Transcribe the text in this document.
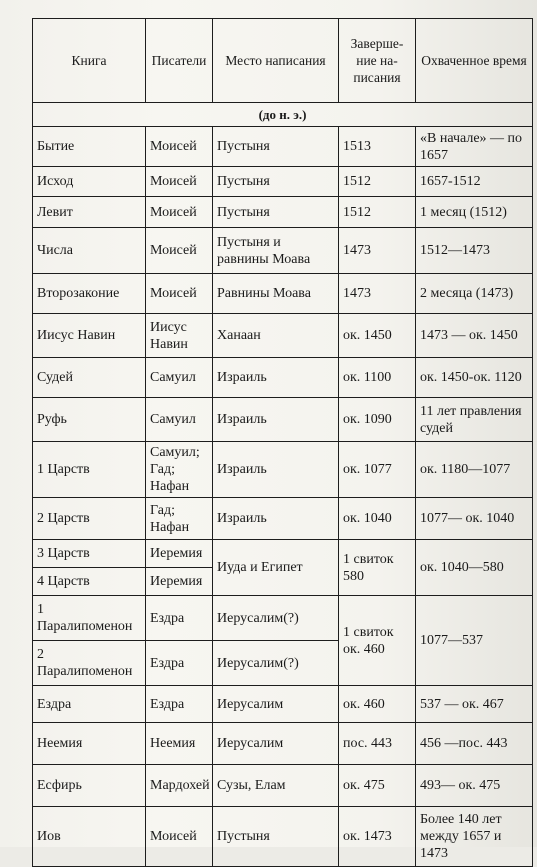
Книга	Писатели	Место написания	Заверше-ние на-писания	Охваченное время
(до н. э.)				
Бытие	Моисей	Пустыня	1513	«В начале» — по 1657
Исход	Моисей	Пустыня	1512	1657-1512
Левит	Моисей	Пустыня	1512	1 месяц (1512)
Числа	Моисей	Пустыня и равнины Моава	1473	1512—1473
Второзаконие	Моисей	Равнины Моава	1473	2 месяца (1473)
Иисус Навин	Иисус Навин	Ханаан	ок. 1450	1473 — ок. 1450
Судей	Самуил	Израиль	ок. 1100	ок. 1450-ок. 1120
Руфь	Самуил	Израиль	ок. 1090	11 лет правления судей
1 Царств	Самуил; Гад; Нафан	Израиль	ок. 1077	ок. 1180—1077
2 Царств	Гад; Нафан	Израиль	ок. 1040	1077— ок. 1040
3 Царств	Иеремия	Иуда и Египет	1 свиток 580	ок. 1040—580
4 Царств	Иеремия			
1 Паралипоменон	Ездра	Иерусалим(?)	1 свиток ок. 460	1077—537
2 Паралипоменон	Ездра	Иерусалим(?)		
Ездра	Ездра	Иерусалим	ок. 460	537 — ок. 467
Неемия	Неемия	Иерусалим	пос. 443	456 —пос. 443
Есфирь	Мардохей	Сузы, Елам	ок. 475	493— ок. 475
Иов	Моисей	Пустыня	ок. 1473	Более 140 лет между 1657 и 1473
